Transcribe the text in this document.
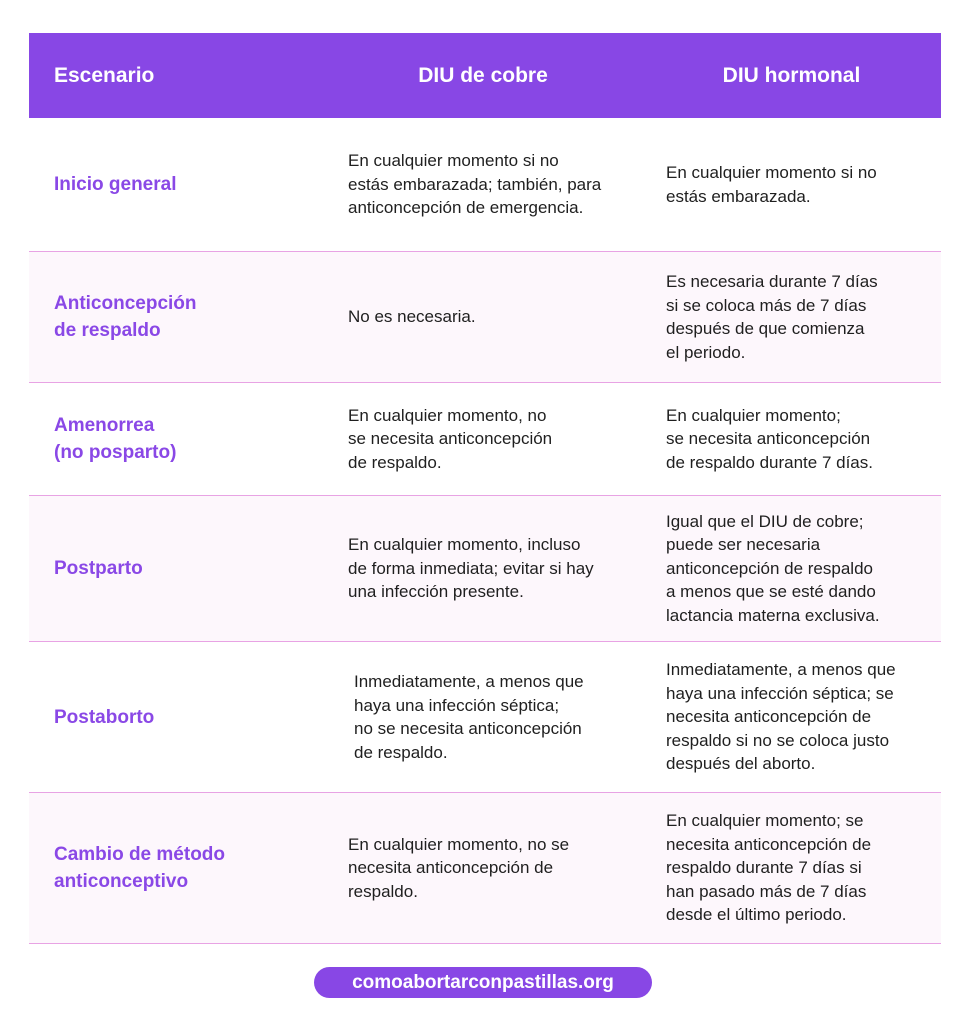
Escenario	DIU de cobre	DIU hormonal
Inicio general
En cualquier momento si no
estás embarazada; también, para
anticoncepción de emergencia.
En cualquier momento si no
estás embarazada.
Anticoncepción
de respaldo
No es necesaria.
Es necesaria durante 7 días
si se coloca más de 7 días
después de que comienza
el periodo.
Amenorrea
(no posparto)
En cualquier momento, no
se necesita anticoncepción
de respaldo.
En cualquier momento;
se necesita anticoncepción
de respaldo durante 7 días.
Postparto
En cualquier momento, incluso
de forma inmediata; evitar si hay
una infección presente.
Igual que el DIU de cobre;
puede ser necesaria
anticoncepción de respaldo
a menos que se esté dando
lactancia materna exclusiva.
Postaborto
Inmediatamente, a menos que
haya una infección séptica;
no se necesita anticoncepción
de respaldo.
Inmediatamente, a menos que
haya una infección séptica; se
necesita anticoncepción de
respaldo si no se coloca justo
después del aborto.
Cambio de método
anticonceptivo
En cualquier momento, no se
necesita anticoncepción de
respaldo.
En cualquier momento; se
necesita anticoncepción de
respaldo durante 7 días si
han pasado más de 7 días
desde el último periodo.
comoabortarconpastillas.org
